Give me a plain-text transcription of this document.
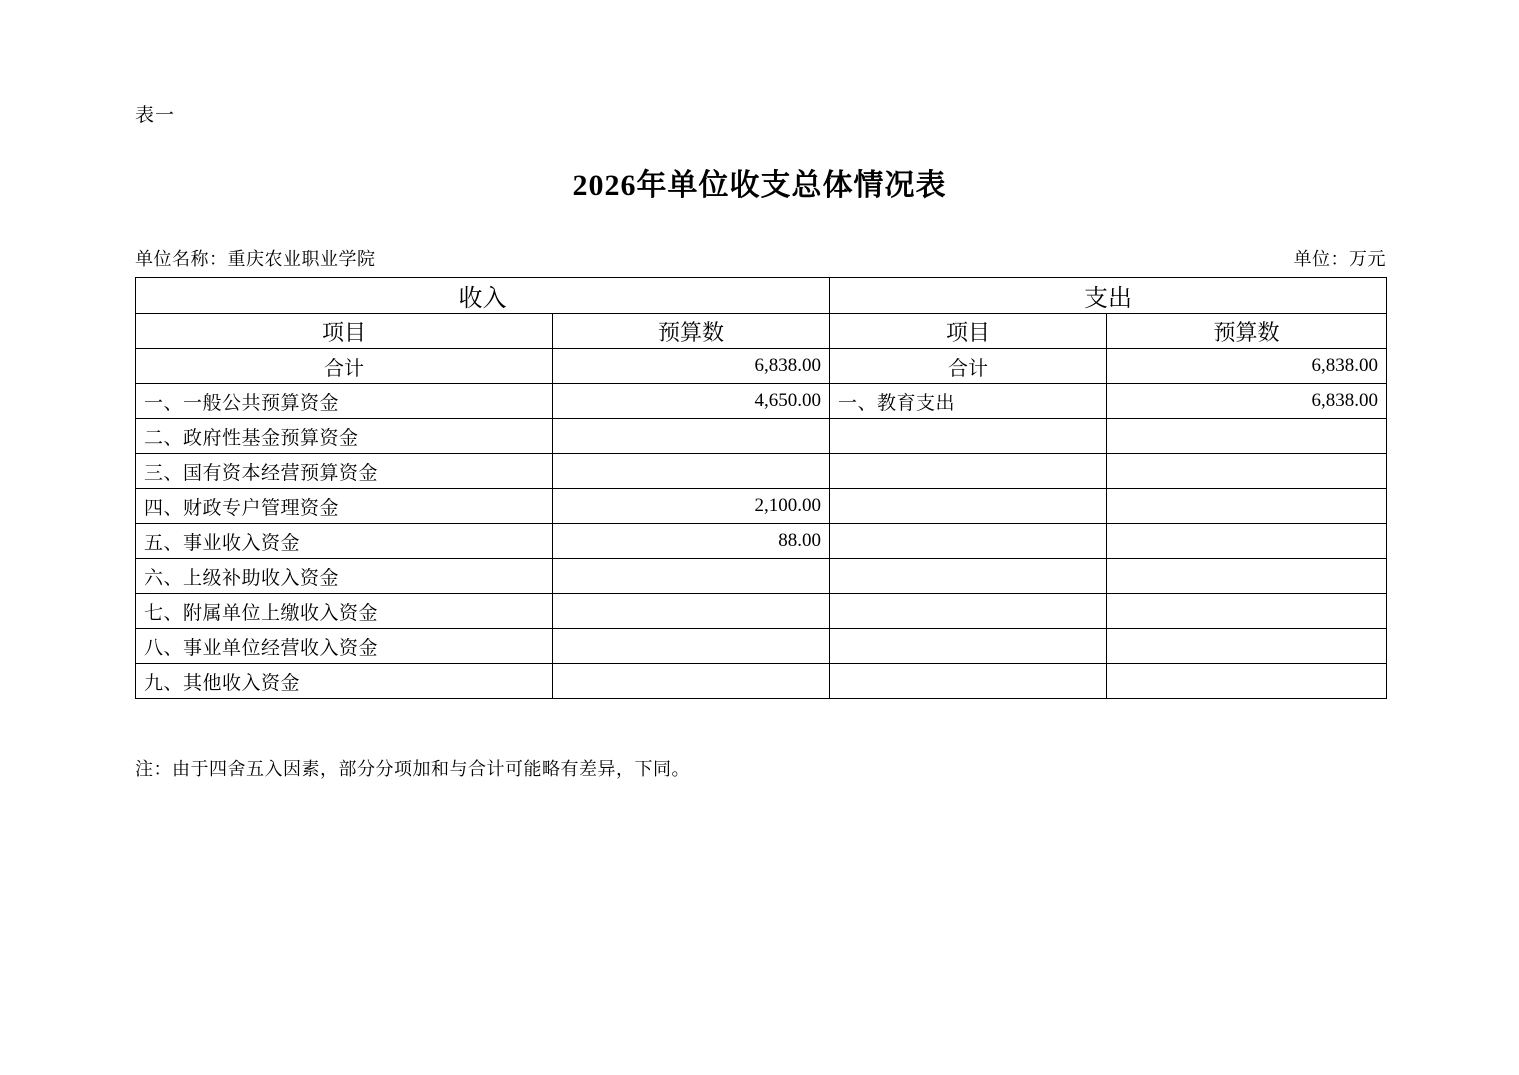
表一
2026年单位收支总体情况表
单位名称：重庆农业职业学院	单位：万元
收入		支出	
项目	预算数	项目	预算数
合计	6,838.00	合计	6,838.00
一、一般公共预算资金	4,650.00	一、教育支出	6,838.00
二、政府性基金预算资金			
三、国有资本经营预算资金			
四、财政专户管理资金	2,100.00		
五、事业收入资金	88.00		
六、上级补助收入资金			
七、附属单位上缴收入资金			
八、事业单位经营收入资金			
九、其他收入资金			
注：由于四舍五入因素，部分分项加和与合计可能略有差异，下同。
